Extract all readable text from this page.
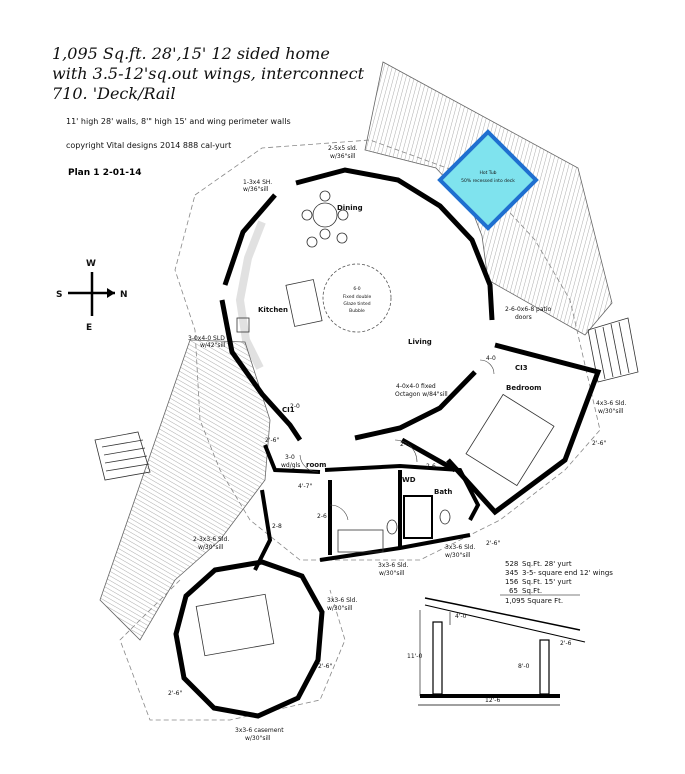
1,095 Sq.ft. 28',15' 12 sided home
with 3.5-12'sq.out wings, interconnect
710. 'Deck/Rail
11' high 28' walls, 8'" high 15' and wing perimeter walls
copyright Vital designs 2014 888 cal-yurt
Plan 1 2-01-14	Hot Tub
50% recessed into deck
6-0
Fixed double
Glaze tinted
Bubble
W
S	N
E
Dining
Kitchen
Living
Bedroom
Bath
WD
room
CI3
CI1
2-5x5 sld.
w/36"sill
1-3x4 SH.
w/36"sill
2-6-0x6-8 patio
doors
3-0x4-0 SLD
w/42"sill
4-0x4-0 fixed
Octagon w/84"sill
4x3-6 Sld.
w/30"sill
2-8
2-6
2-8
2-6
4-0
2-0
3-0
wd/gls
4'-7"
2-3x3-6 Sld.
w/30"sill	3x3-6 Sld.
w/30"sill
3x3-6 Sld.
w/30"sill
3x3-6 Sld.
w/30"sill
3x3-6 casement
w/30"sill
2'-6"
2'-6"
2'-6"
2'-6"
2'-6"
528 Sq.Ft. 28' yurt
345 3-5- square end 12' wings
156 Sq.Ft. 15' yurt
65 Sq.Ft.
1,095 Square Ft.
11'-0
8'-0
12'-6
4'-0
2'-6
